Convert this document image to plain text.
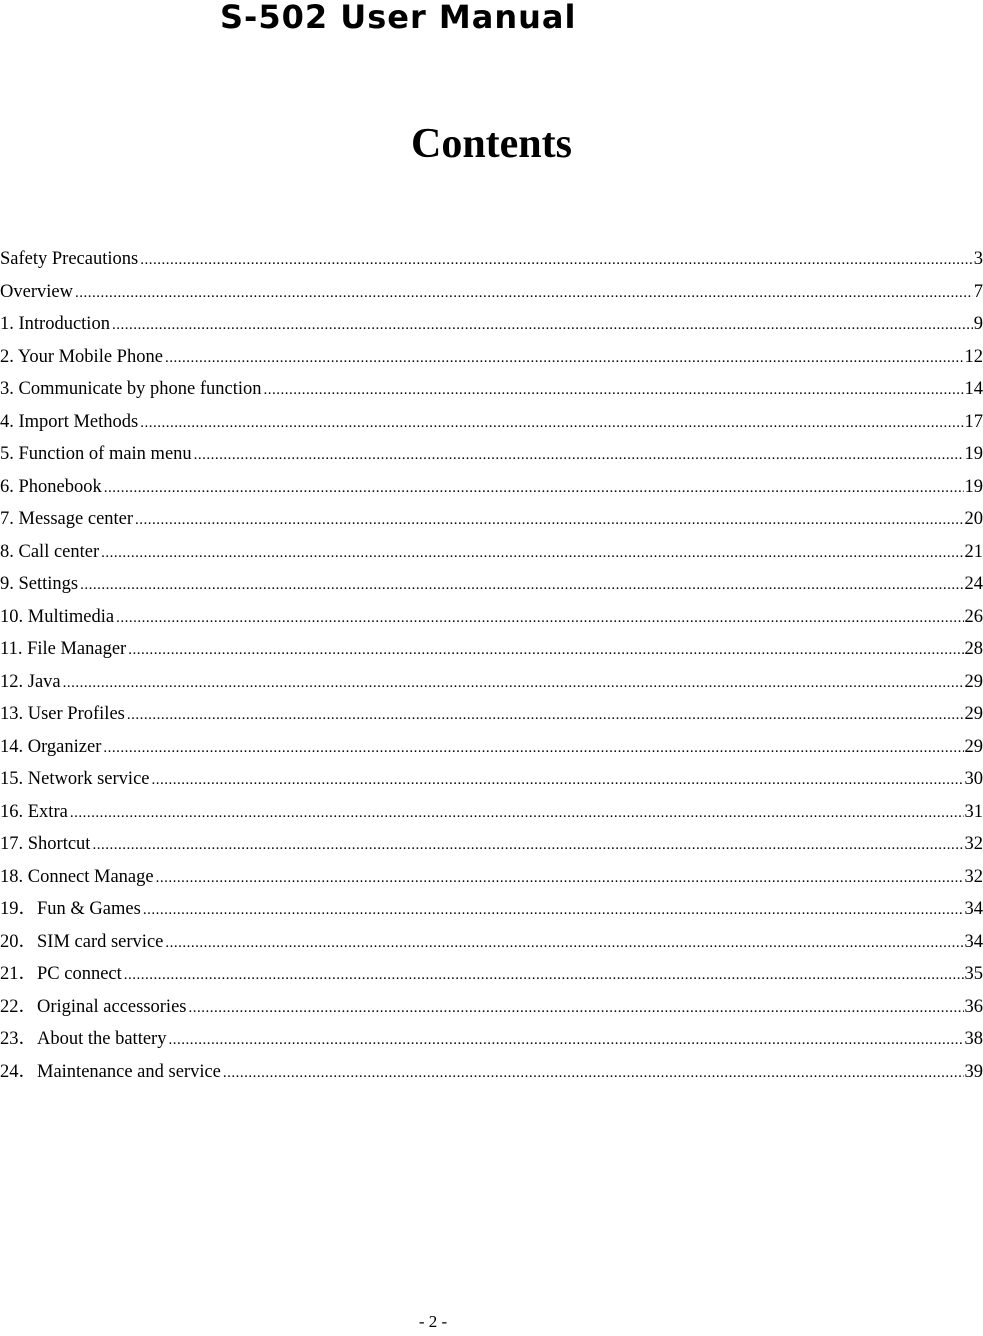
S-502 User Manual
Contents
Safety Precautions .....	3
Overview .....	7
1. Introduction .....	9
2. Your Mobile Phone .....	12
3. Communicate by phone function .....	14
4. Import Methods .....	17
5. Function of main menu .....	19
6. Phonebook .....	19
7. Message center .....	20
8. Call center .....	21
9. Settings .....	24
10. Multimedia .....	26
11. File Manager .....	28
12. Java .....	29
13. User Profiles .....	29
14. Organizer .....	29
15. Network service .....	30
16. Extra .....	31
17. Shortcut .....	32
18. Connect Manage .....	32
19．Fun & Games .....	34
20．SIM card service .....	34
21．PC connect .....	35
22．Original accessories .....	36
23．About the battery .....	38
24．Maintenance and service .....	39
- 2 -
